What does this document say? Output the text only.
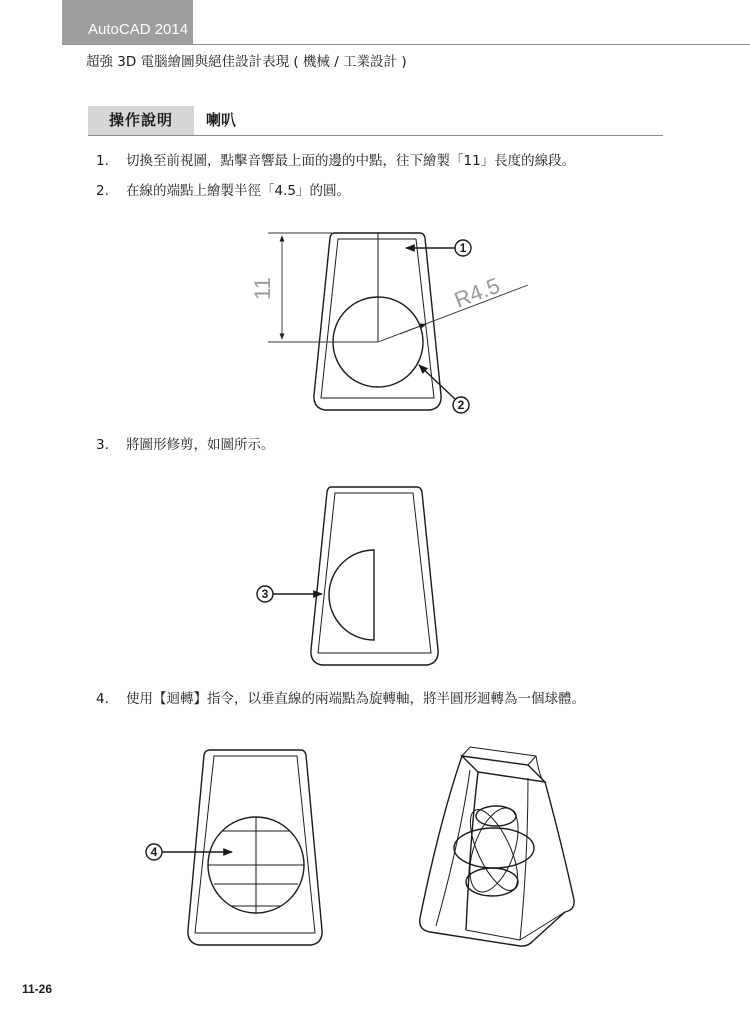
AutoCAD 2014
超強 3D 電腦繪圖與絕佳設計表現 ( 機械 / 工業設計 )
操作說明	喇叭
1. 切換至前視圖，點擊音響最上面的邊的中點，往下繪製「11」長度的線段。
2. 在線的端點上繪製半徑「4.5」的圓。
3. 將圖形修剪，如圖所示。
4. 使用【迴轉】指令，以垂直線的兩端點為旋轉軸，將半圓形迴轉為一個球體。
11	R4.5
1
2
3
4
11-26
